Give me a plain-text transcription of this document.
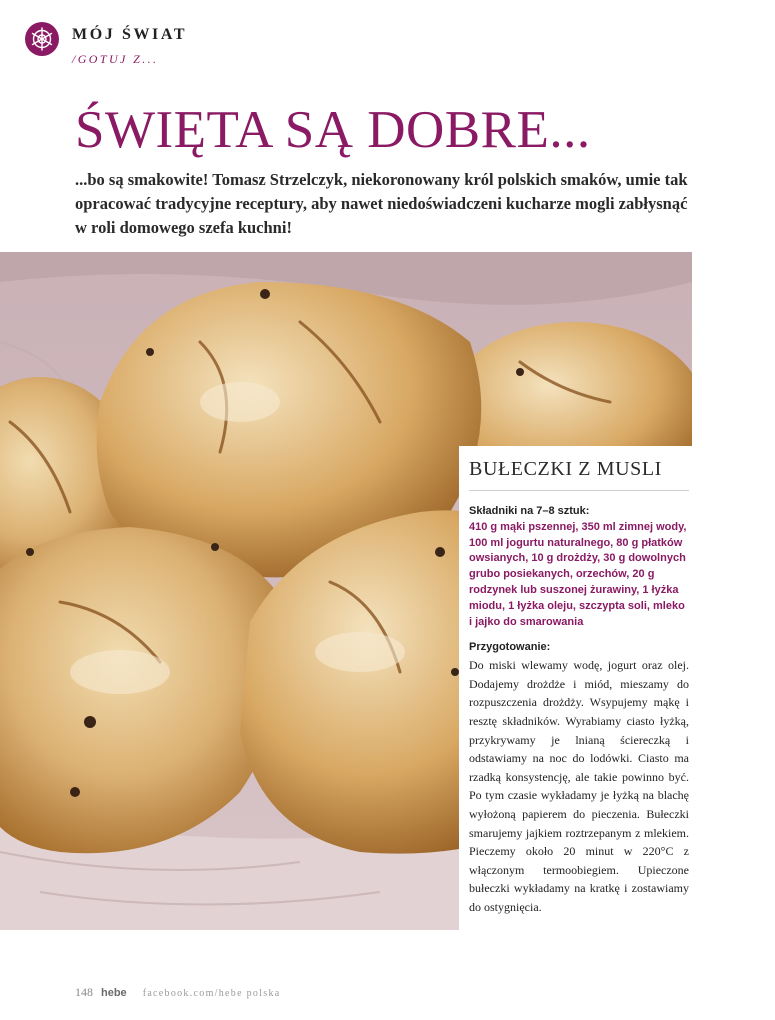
MÓJ ŚWIAT
/GOTUJ Z...
ŚWIĘTA SĄ DOBRE...

...bo są smakowite! Tomasz Strzelczyk, niekoronowany król polskich smaków, umie tak opracować tradycyjne receptury, aby nawet niedoświadczeni kucharze mogli zabłysnąć w roli domowego szefa kuchni!

BUŁECZKI Z MUSLI
Składniki na 7–8 sztuk:
410 g mąki pszennej, 350 ml zimnej wody, 100 ml jogurtu naturalnego, 80 g płatków owsianych, 10 g drożdży, 30 g dowolnych grubo posiekanych, orzechów, 20 g rodzynek lub suszonej żurawiny, 1 łyżka miodu, 1 łyżka oleju, szczypta soli, mleko i jajko do smarowania
Przygotowanie:
Do miski wlewamy wodę, jogurt oraz olej. Dodajemy drożdże i miód, mieszamy do rozpuszczenia drożdży. Wsypujemy mąkę i resztę składników. Wyrabiamy ciasto łyżką, przykrywamy je lnianą ściereczką i odstawiamy na noc do lodówki. Ciasto ma rzadką konsystencję, ale takie powinno być. Po tym czasie wykładamy je łyżką na blachę wyłożoną papierem do pieczenia. Bułeczki smarujemy jajkiem roztrzepanym z mlekiem. Pieczemy około 20 minut w 220°C z włączonym termoobiegiem. Upieczone bułeczki wykładamy na kratkę i zostawiamy do ostygnięcia.
148 hebe facebook.com/hebe polska
